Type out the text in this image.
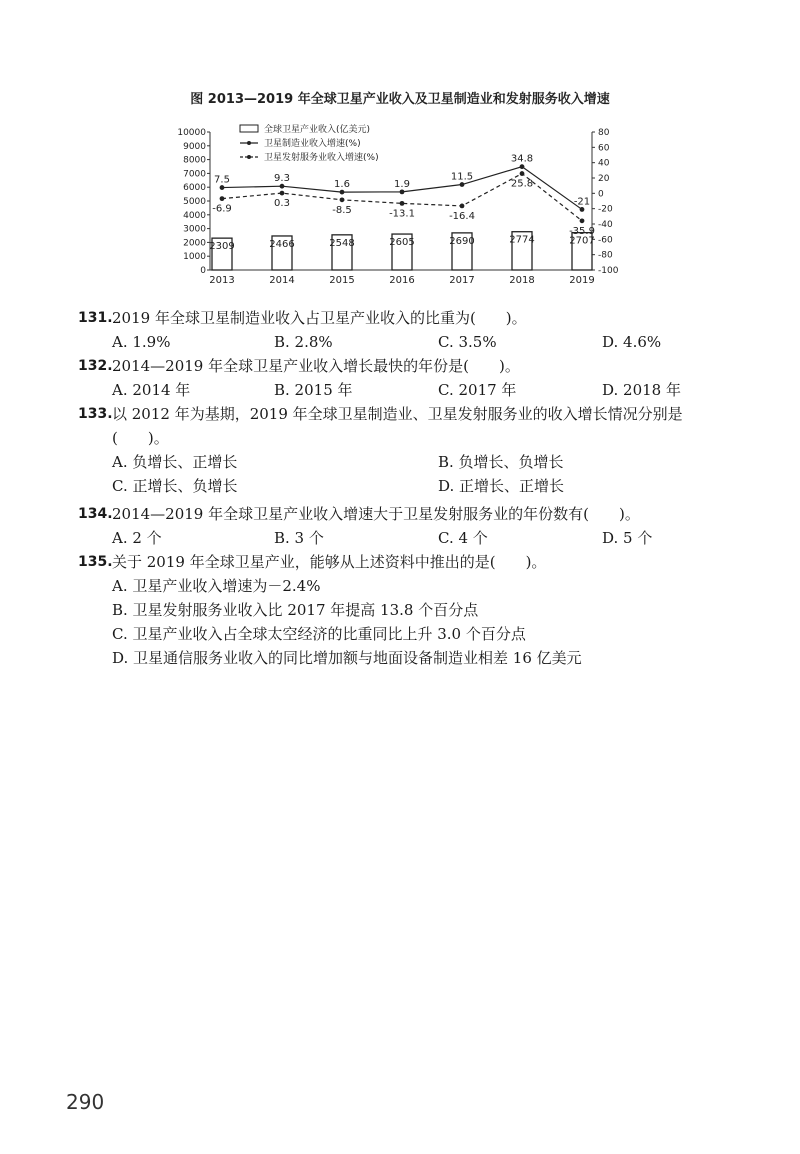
图 2013—2019 年全球卫星产业收入及卫星制造业和发射服务收入增速
0
1000
2000
3000
4000
5000
6000
7000
8000
9000
10000	80
60
40
20
0
-20
-40
-60
-80
-100
2309	2466	2548	2605	2690	2774	2707
2013	2014	2015	2016	2017	2018	2019
7.5	9.3
1.6	1.9
11.5
34.8
-21
-6.9
0.3
-8.5	-13.1	-16.4
25.8
-35.9
全球卫星产业收入(亿美元)
卫星制造业收入增速(%)
卫星发射服务业收入增速(%)
131. 2019 年全球卫星制造业收入占卫星产业收入的比重为(　　)。
A. 1.9%	B. 2.8%	C. 3.5%	D. 4.6%
132. 2014—2019 年全球卫星产业收入增长最快的年份是(　　)。
A. 2014 年	B. 2015 年	C. 2017 年	D. 2018 年
133. 以 2012 年为基期，2019 年全球卫星制造业、卫星发射服务业的收入增长情况分别是
(　　)。
A. 负增长、正增长	B. 负增长、负增长
C. 正增长、负增长	D. 正增长、正增长
134. 2014—2019 年全球卫星产业收入增速大于卫星发射服务业的年份数有(　　)。
A. 2 个	B. 3 个	C. 4 个	D. 5 个
135. 关于 2019 年全球卫星产业，能够从上述资料中推出的是(　　)。
A. 卫星产业收入增速为－2.4%
B. 卫星发射服务业收入比 2017 年提高 13.8 个百分点
C. 卫星产业收入占全球太空经济的比重同比上升 3.0 个百分点
D. 卫星通信服务业收入的同比增加额与地面设备制造业相差 16 亿美元
290
